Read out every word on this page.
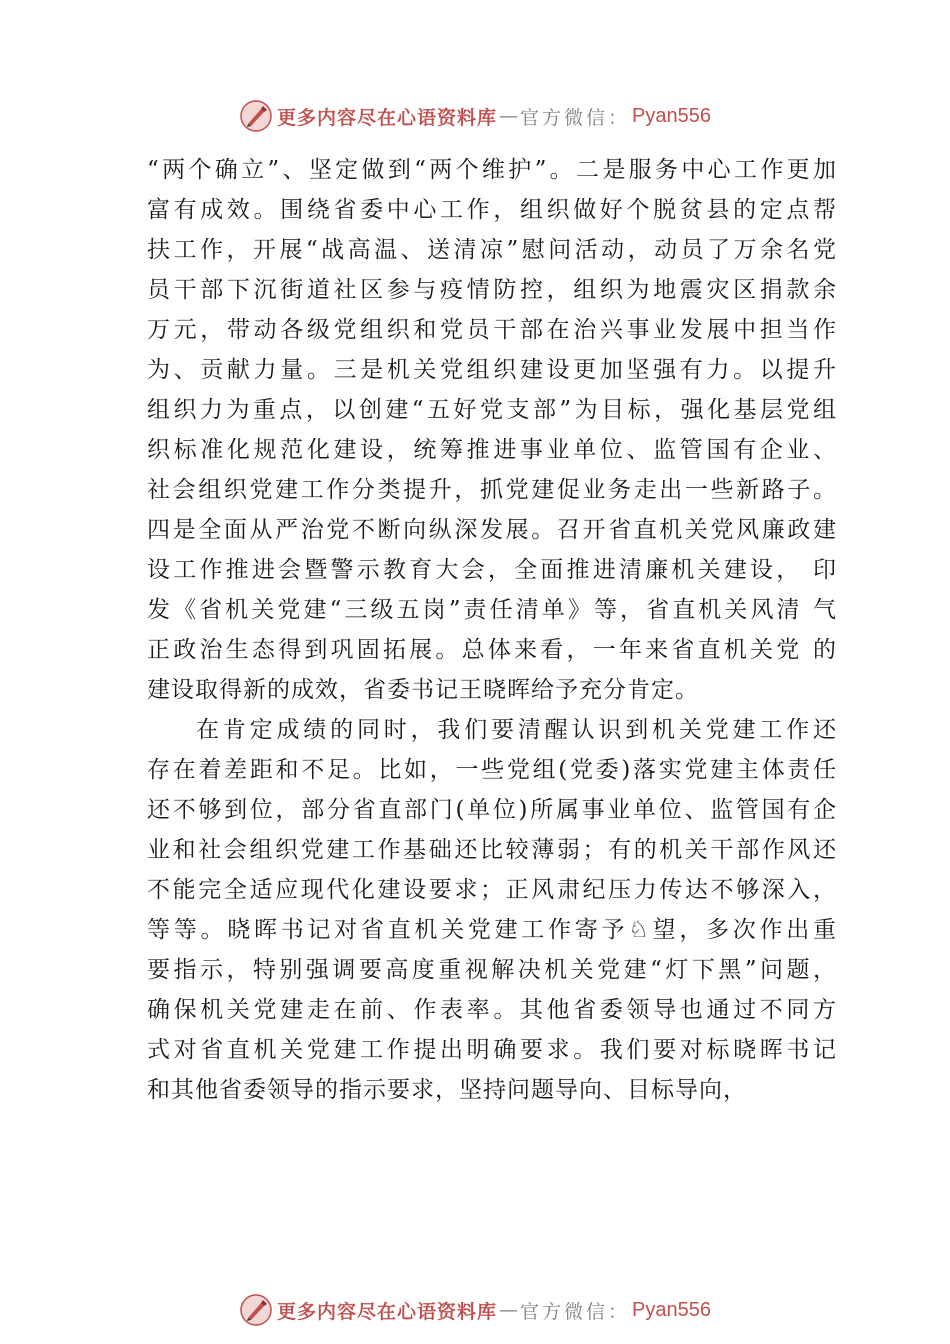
更多内容尽在心语资料库 — 官方微信： Pyan556
“两个确立”、坚定做到“两个维护”。二是服务中心工作更加
富有成效。围绕省委中心工作，组织做好个脱贫县的定点帮
扶工作，开展“战高温、送清凉”慰问活动，动员了万余名党
员干部下沉街道社区参与疫情防控，组织为地震灾区捐款余
万元，带动各级党组织和党员干部在治兴事业发展中担当作
为、贡献力量。三是机关党组织建设更加坚强有力。以提升
组织力为重点，以创建“五好党支部”为目标，强化基层党组
织标准化规范化建设，统筹推进事业单位、监管国有企业、
社会组织党建工作分类提升，抓党建促业务走出一些新路子。
四是全面从严治党不断向纵深发展。召开省直机关党风廉政建
设工作推进会暨警示教育大会，全面推进清廉机关建设， 印
发《省机关党建“三级五岗”责任清单》等，省直机关风清 气
正政治生态得到巩固拓展。总体来看，一年来省直机关党 的
建设取得新的成效，省委书记王晓晖给予充分肯定。
在肯定成绩的同时，我们要清醒认识到机关党建工作还
存在着差距和不足。比如，一些党组(党委)落实党建主体责任
还不够到位，部分省直部门(单位)所属事业单位、监管国有企
业和社会组织党建工作基础还比较薄弱；有的机关干部作风还
不能完全适应现代化建设要求；正风肃纪压力传达不够深入，
等等。晓晖书记对省直机关党建工作寄予♘望，多次作出重
要指示，特别强调要高度重视解决机关党建“灯下黑”问题，
确保机关党建走在前、作表率。其他省委领导也通过不同方
式对省直机关党建工作提出明确要求。我们要对标晓晖书记
和其他省委领导的指示要求，坚持问题导向、目标导向，
更多内容尽在心语资料库 — 官方微信： Pyan556
